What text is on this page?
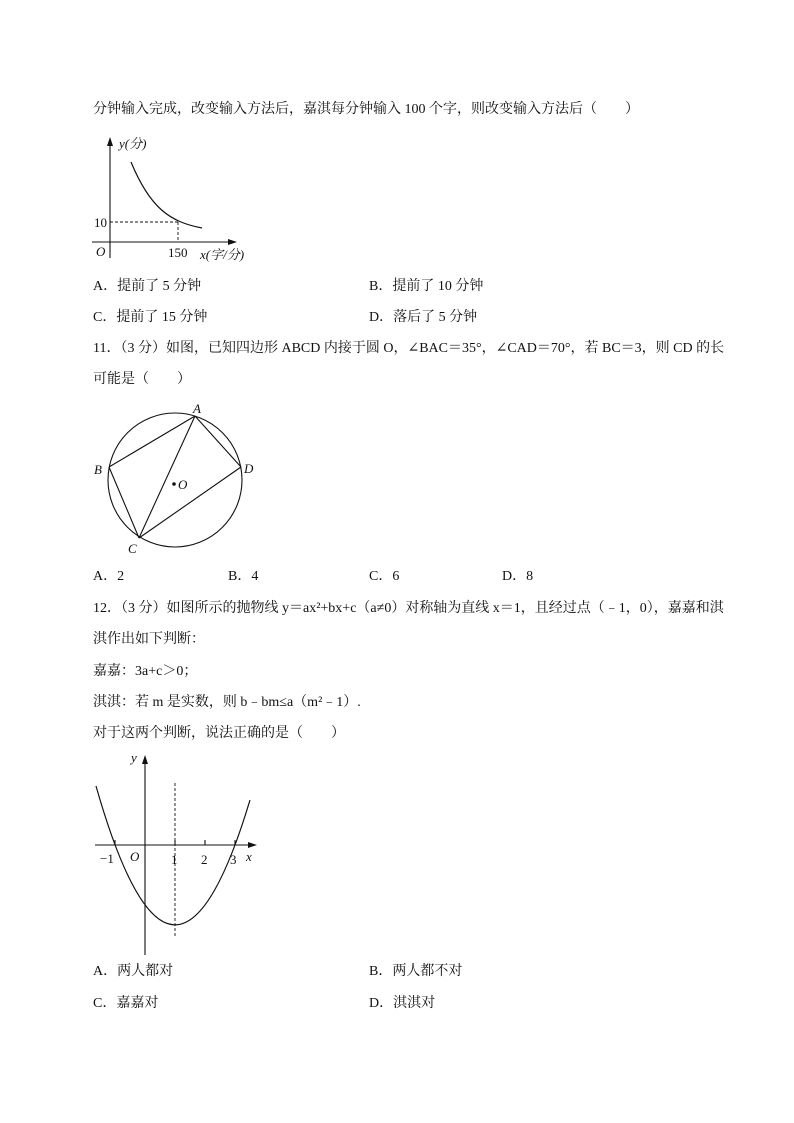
分钟输入完成，改变输入方法后，嘉淇每分钟输入 100 个字，则改变输入方法后（　　）
y(分)
10
O	150 x(字/分)
A．提前了 5 分钟	B．提前了 10 分钟
C．提前了 15 分钟	D．落后了 5 分钟
11．（3 分）如图，已知四边形 ABCD 内接于圆 O，∠BAC＝35°，∠CAD＝70°，若 BC＝3，则 CD 的长
可能是（　　）
A
B
C
D
O
A．2	B．4	C．6	D．8
12．（3 分）如图所示的抛物线 y＝ax²+bx+c（a≠0）对称轴为直线 x＝1，且经过点（﹣1，0），嘉嘉和淇
淇作出如下判断：
嘉嘉：3a+c＞0；
淇淇：若 m 是实数，则 b﹣bm≤a（m²﹣1）.
对于这两个判断，说法正确的是（　　）
y
x
O
−1	1 2 3
A．两人都对	B．两人都不对
C．嘉嘉对	D．淇淇对
